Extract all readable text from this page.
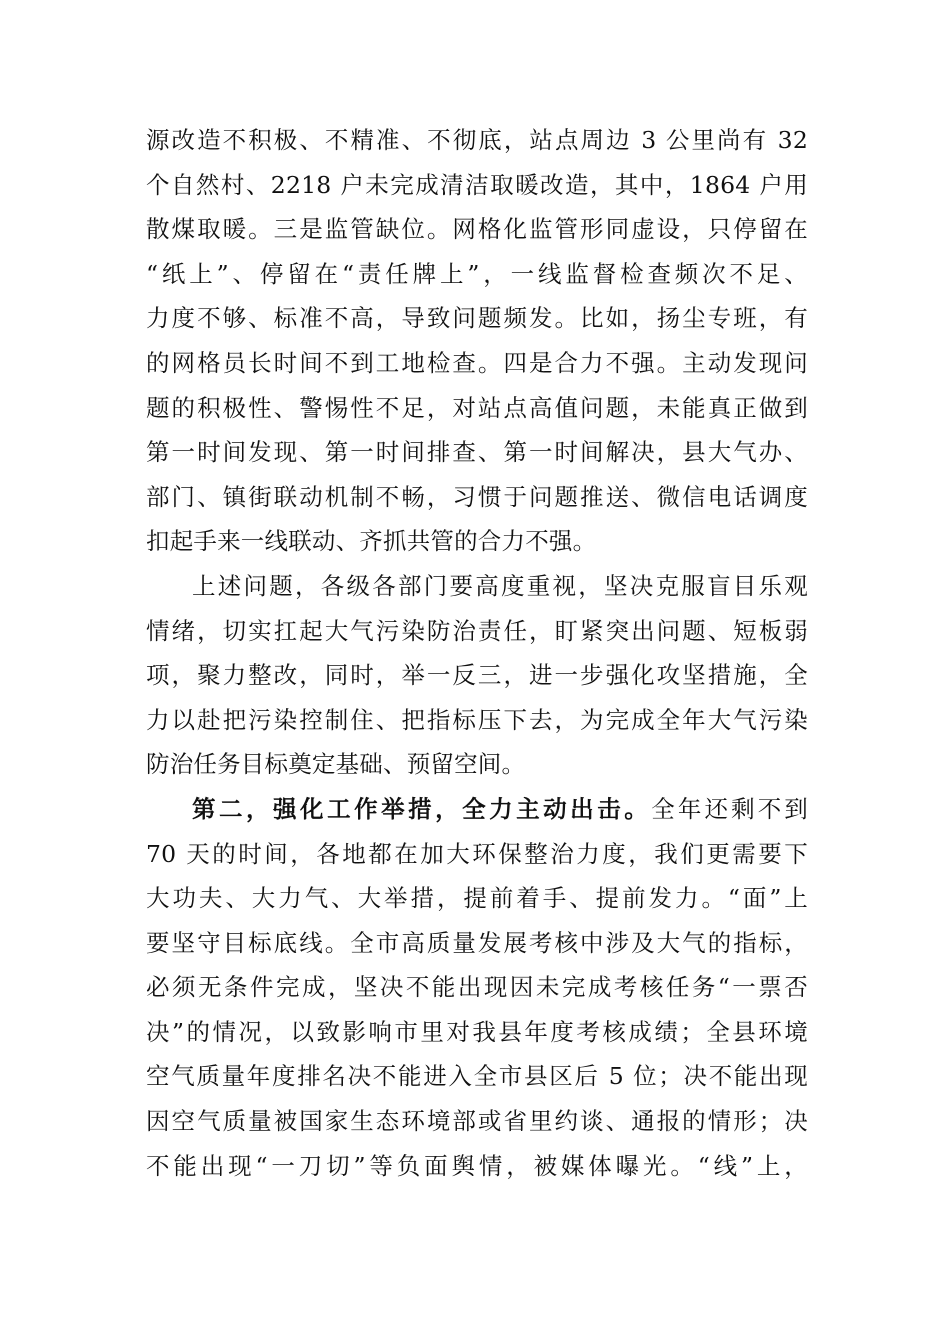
源改造不积极、不精准、不彻底，站点周边 3 公里尚有 32
个自然村、2218 户未完成清洁取暖改造，其中，1864 户用
散煤取暖。三是监管缺位。网格化监管形同虚设，只停留在
“纸上”、停留在“责任牌上”，一线监督检查频次不足、
力度不够、标准不高，导致问题频发。比如，扬尘专班，有
的网格员长时间不到工地检查。四是合力不强。主动发现问
题的积极性、警惕性不足，对站点高值问题，未能真正做到
第一时间发现、第一时间排查、第一时间解决，县大气办、
部门、镇街联动机制不畅，习惯于问题推送、微信电话调度
扣起手来一线联动、齐抓共管的合力不强。
上述问题，各级各部门要高度重视，坚决克服盲目乐观
情绪，切实扛起大气污染防治责任，盯紧突出问题、短板弱
项，聚力整改，同时，举一反三，进一步强化攻坚措施，全
力以赴把污染控制住、把指标压下去，为完成全年大气污染
防治任务目标奠定基础、预留空间。
第二，强化工作举措，全力主动出击。全年还剩不到
70 天的时间，各地都在加大环保整治力度，我们更需要下
大功夫、大力气、大举措，提前着手、提前发力。“面”上
要坚守目标底线。全市高质量发展考核中涉及大气的指标，
必须无条件完成，坚决不能出现因未完成考核任务“一票否
决”的情况，以致影响市里对我县年度考核成绩；全县环境
空气质量年度排名决不能进入全市县区后 5 位；决不能出现
因空气质量被国家生态环境部或省里约谈、通报的情形；决
不能出现“一刀切”等负面舆情，被媒体曝光。“线”上，
